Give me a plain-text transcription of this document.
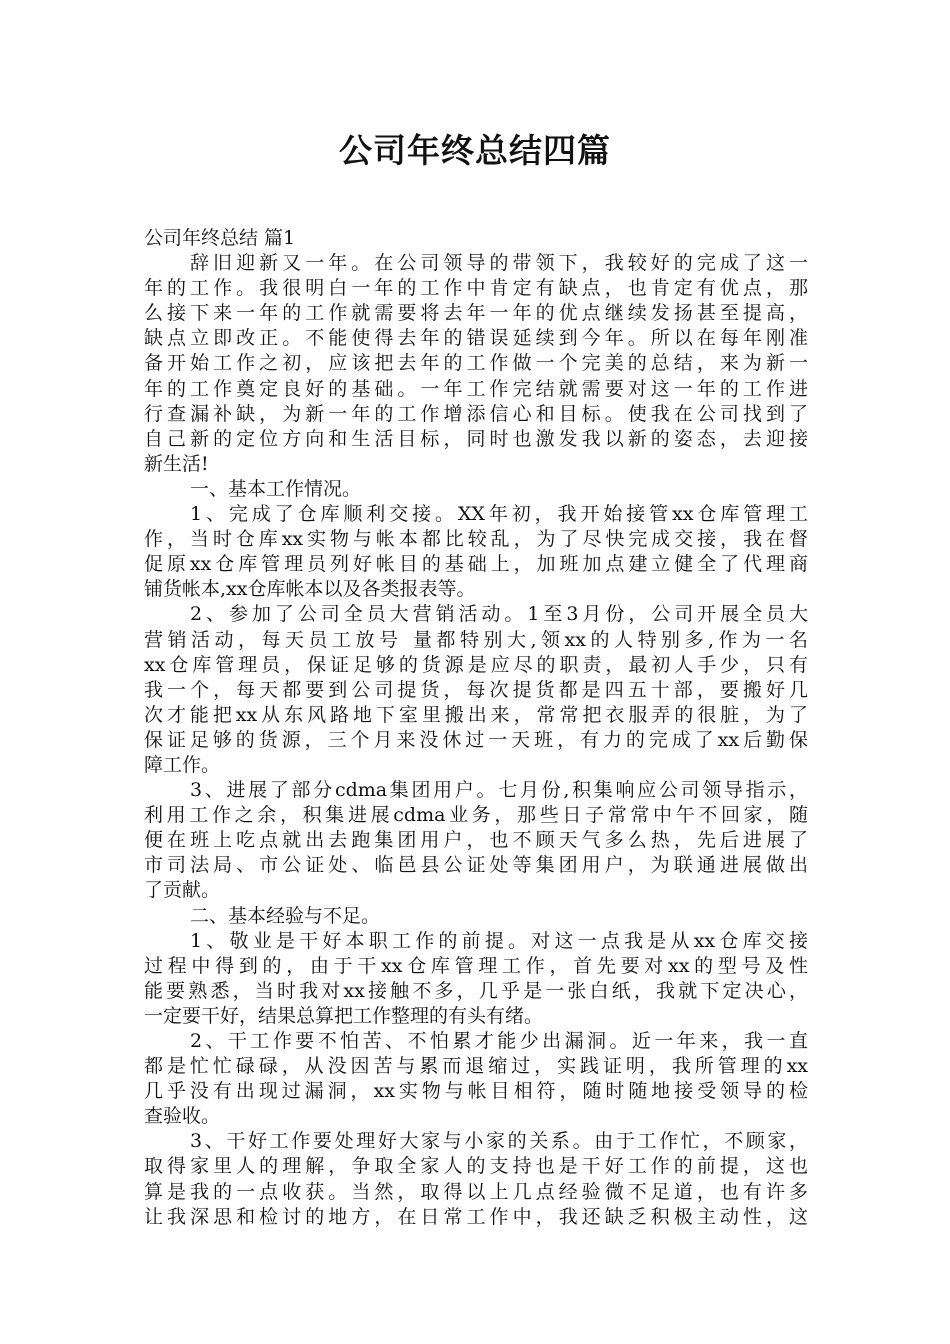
公司年终总结四篇
公司年终总结 篇1
辞旧迎新又一年。在公司领导的带领下，我较好的完成了这一
年的工作。我很明白一年的工作中肯定有缺点，也肯定有优点，那
么接下来一年的工作就需要将去年一年的优点继续发扬甚至提高，
缺点立即改正。不能使得去年的错误延续到今年。所以在每年刚准
备开始工作之初，应该把去年的工作做一个完美的总结，来为新一
年的工作奠定良好的基础。一年工作完结就需要对这一年的工作进
行查漏补缺，为新一年的工作增添信心和目标。使我在公司找到了
自己新的定位方向和生活目标，同时也激发我以新的姿态，去迎接
新生活!
一、基本工作情况。
1、完成了仓库顺利交接。XX年初，我开始接管xx仓库管理工
作，当时仓库xx实物与帐本都比较乱，为了尽快完成交接，我在督
促原xx仓库管理员列好帐目的基础上，加班加点建立健全了代理商
铺货帐本,xx仓库帐本以及各类报表等。
2、参加了公司全员大营销活动。1至3月份，公司开展全员大
营销活动，每天员工放号 量都特别大,领xx的人特别多,作为一名
xx仓库管理员，保证足够的货源是应尽的职责，最初人手少，只有
我一个，每天都要到公司提货，每次提货都是四五十部，要搬好几
次才能把xx从东风路地下室里搬出来，常常把衣服弄的很脏，为了
保证足够的货源，三个月来没休过一天班，有力的完成了xx后勤保
障工作。
3、进展了部分cdma集团用户。七月份,积集响应公司领导指示，
利用工作之余，积集进展cdma业务，那些日子常常中午不回家，随
便在班上吃点就出去跑集团用户，也不顾天气多么热，先后进展了
市司法局、市公证处、临邑县公证处等集团用户，为联通进展做出
了贡献。
二、基本经验与不足。
1、敬业是干好本职工作的前提。对这一点我是从xx仓库交接
过程中得到的，由于干xx仓库管理工作，首先要对xx的型号及性
能要熟悉，当时我对xx接触不多，几乎是一张白纸，我就下定决心，
一定要干好，结果总算把工作整理的有头有绪。
2、干工作要不怕苦、不怕累才能少出漏洞。近一年来，我一直
都是忙忙碌碌，从没因苦与累而退缩过，实践证明，我所管理的xx
几乎没有出现过漏洞，xx实物与帐目相符，随时随地接受领导的检
查验收。
3、干好工作要处理好大家与小家的关系。由于工作忙，不顾家，
取得家里人的理解，争取全家人的支持也是干好工作的前提，这也
算是我的一点收获。当然，取得以上几点经验微不足道，也有许多
让我深思和检讨的地方，在日常工作中，我还缺乏积极主动性，这
